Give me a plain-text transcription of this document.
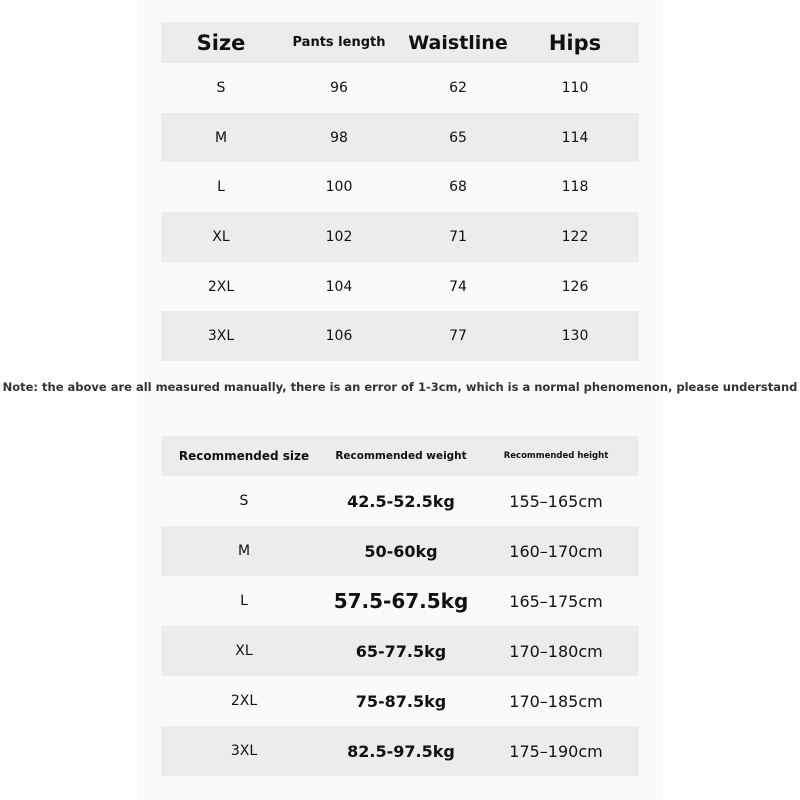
Size	Pants length	Waistline	Hips
S	96	62	110
M	98	65	114
L	100	68	118
XL	102	71	122
2XL	104	74	126
3XL	106	77	130
Note: the above are all measured manually, there is an error of 1-3cm, which is a normal phenomenon, please understand
Recommended size	Recommended weight	Recommended height
S	42.5-52.5kg	155–165cm
M	50-60kg	160–170cm
L	57.5-67.5kg	165–175cm
XL	65-77.5kg	170–180cm
2XL	75-87.5kg	170–185cm
3XL	82.5-97.5kg	175–190cm
